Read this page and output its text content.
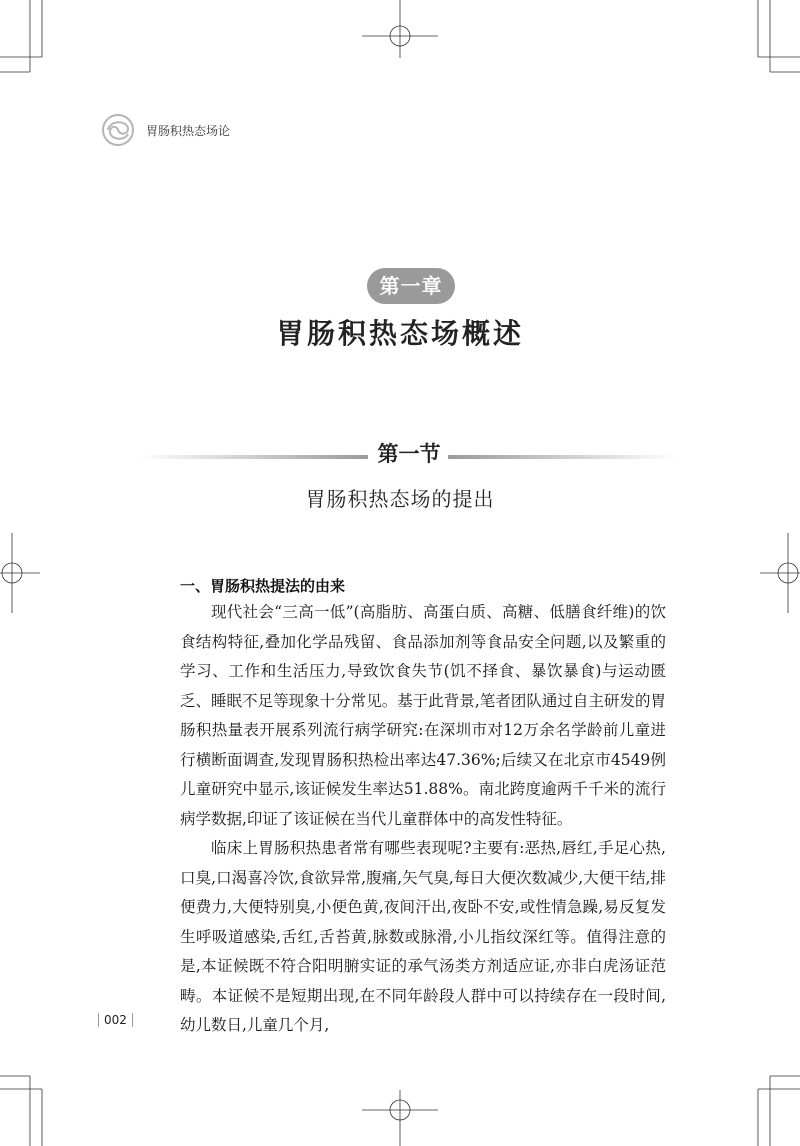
胃肠积热态场论
第一章
胃肠积热态场概述
第一节
胃肠积热态场的提出
一、胃肠积热提法的由来

现代社会“三高一低”(高脂肪、高蛋白质、高糖、低膳食纤维)的饮食结构特征,叠加化学品残留、食品添加剂等食品安全问题,以及繁重的学习、工作和生活压力,导致饮食失节(饥不择食、暴饮暴食)与运动匮乏、睡眠不足等现象十分常见。基于此背景,笔者团队通过自主研发的胃肠积热量表开展系列流行病学研究:在深圳市对12万余名学龄前儿童进行横断面调查,发现胃肠积热检出率达47.36%;后续又在北京市4549例儿童研究中显示,该证候发生率达51.88%。南北跨度逾两千千米的流行病学数据,印证了该证候在当代儿童群体中的高发性特征。

临床上胃肠积热患者常有哪些表现呢?主要有:恶热,唇红,手足心热,口臭,口渴喜冷饮,食欲异常,腹痛,矢气臭,每日大便次数减少,大便干结,排便费力,大便特别臭,小便色黄,夜间汗出,夜卧不安,或性情急躁,易反复发生呼吸道感染,舌红,舌苔黄,脉数或脉滑,小儿指纹深红等。值得注意的是,本证候既不符合阳明腑实证的承气汤类方剂适应证,亦非白虎汤证范畴。本证候不是短期出现,在不同年龄段人群中可以持续存在一段时间,幼儿数日,儿童几个月,

002
